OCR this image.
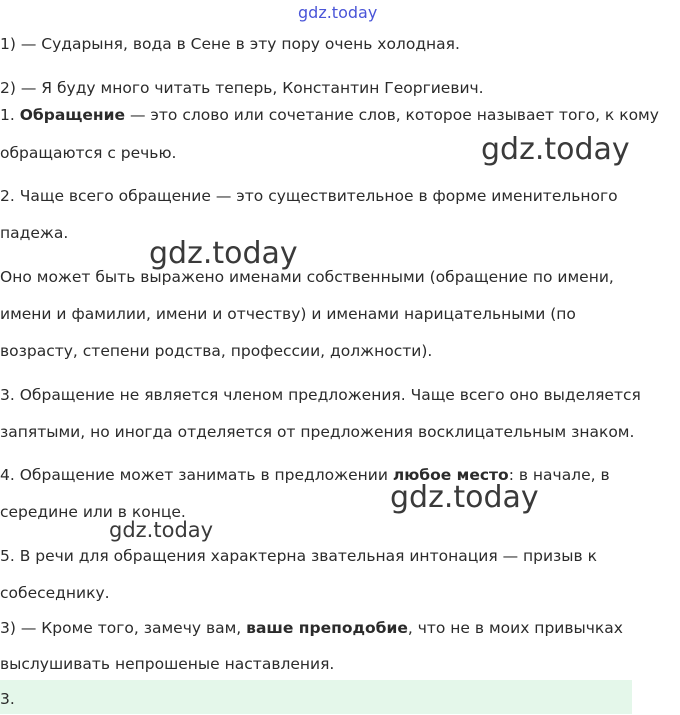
gdz.today
1) — Сударыня, вода в Сене в эту пору очень холодная.
2) — Я буду много читать теперь, Константин Георгиевич.
1. Обращение — это слово или сочетание слов, которое называет того, к кому
обращаются с речью.	gdz.today
2. Чаще всего обращение — это существительное в форме именительного
падежа.
gdz.today
Оно может быть выражено именами собственными (обращение по имени,
имени и фамилии, имени и отчеству) и именами нарицательными (по
возрасту, степени родства, профессии, должности).
3. Обращение не является членом предложения. Чаще всего оно выделяется
запятыми, но иногда отделяется от предложения восклицательным знаком.
4. Обращение может занимать в предложении любое место: в начале, в
середине или в конце.	gdz.today
gdz.today
5. В речи для обращения характерна звательная интонация — призыв к
собеседнику.
3) — Кроме того, замечу вам, ваше преподобие, что не в моих привычках
выслушивать непрошеные наставления.
3.
